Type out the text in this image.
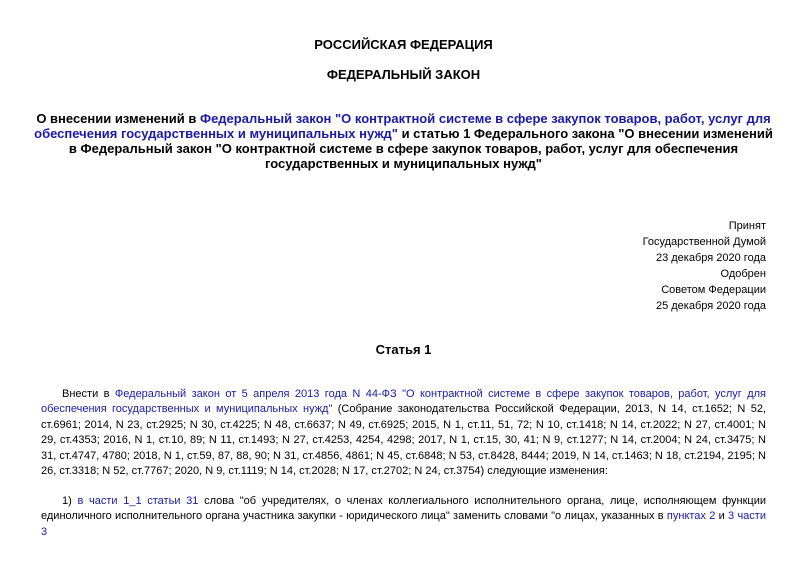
РОССИЙСКАЯ ФЕДЕРАЦИЯ
ФЕДЕРАЛЬНЫЙ ЗАКОН
О внесении изменений в Федеральный закон "О контрактной системе в сфере закупок товаров, работ, услуг для обеспечения государственных и муниципальных нужд" и статью 1 Федерального закона "О внесении изменений в Федеральный закон "О контрактной системе в сфере закупок товаров, работ, услуг для обеспечения государственных и муниципальных нужд"
Принят
Государственной Думой
23 декабря 2020 года
Одобрен
Советом Федерации
25 декабря 2020 года
Статья 1
Внести в Федеральный закон от 5 апреля 2013 года N 44-ФЗ "О контрактной системе в сфере закупок товаров, работ, услуг для обеспечения государственных и муниципальных нужд" (Собрание законодательства Российской Федерации, 2013, N 14, ст.1652; N 52, ст.6961; 2014, N 23, ст.2925; N 30, ст.4225; N 48, ст.6637; N 49, ст.6925; 2015, N 1, ст.11, 51, 72; N 10, ст.1418; N 14, ст.2022; N 27, ст.4001; N 29, ст.4353; 2016, N 1, ст.10, 89; N 11, ст.1493; N 27, ст.4253, 4254, 4298; 2017, N 1, ст.15, 30, 41; N 9, ст.1277; N 14, ст.2004; N 24, ст.3475; N 31, ст.4747, 4780; 2018, N 1, ст.59, 87, 88, 90; N 31, ст.4856, 4861; N 45, ст.6848; N 53, ст.8428, 8444; 2019, N 14, ст.1463; N 18, ст.2194, 2195; N 26, ст.3318; N 52, ст.7767; 2020, N 9, ст.1119; N 14, ст.2028; N 17, ст.2702; N 24, ст.3754) следующие изменения:
1) в части 1_1 статьи 31 слова "об учредителях, о членах коллегиального исполнительного органа, лице, исполняющем функции единоличного исполнительного органа участника закупки - юридического лица" заменить словами "о лицах, указанных в пунктах 2 и 3 части 3
